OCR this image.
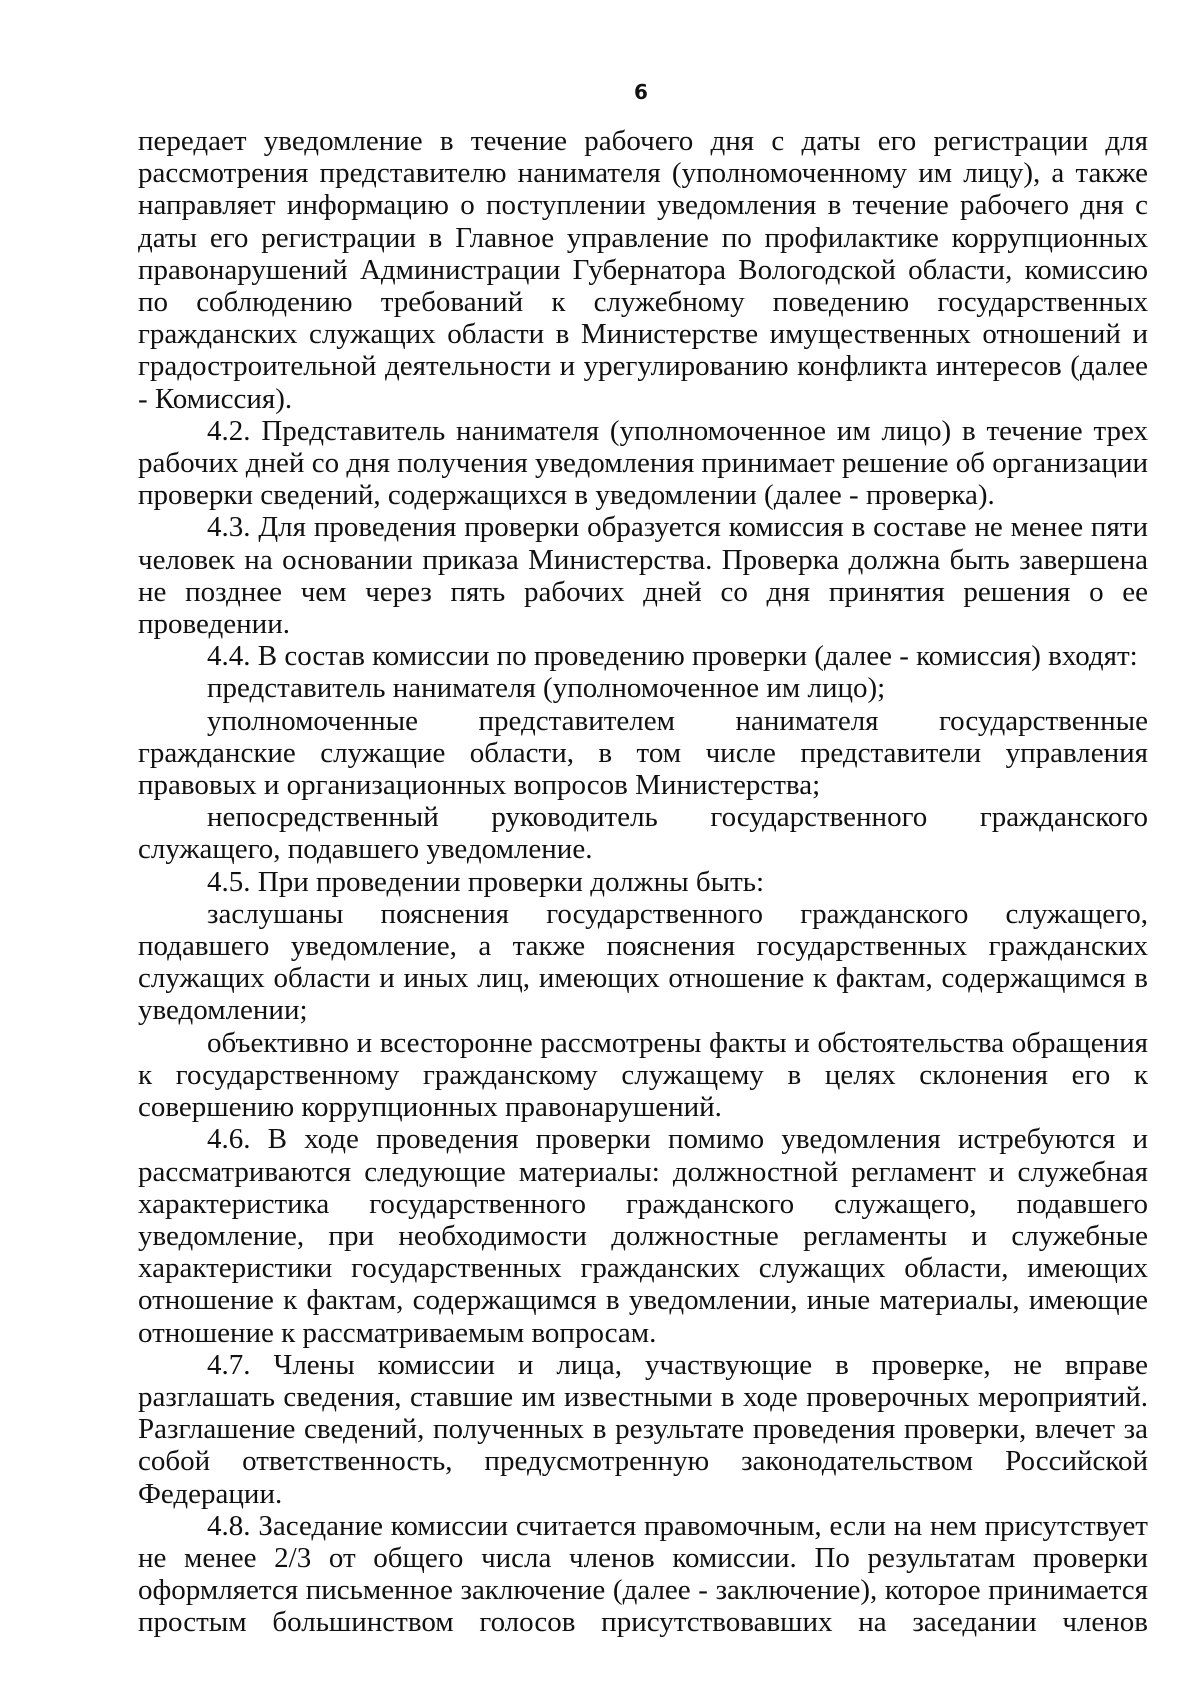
6

передает уведомление в течение рабочего дня с даты его регистрации для рассмотрения представителю нанимателя (уполномоченному им лицу), а также направляет информацию о поступлении уведомления в течение рабочего дня с даты его регистрации в Главное управление по профилактике коррупционных правонарушений Администрации Губернатора Вологодской области, комиссию по соблюдению требований к служебному поведению государственных гражданских служащих области в Министерстве имущественных отношений и градостроительной деятельности и урегулированию конфликта интересов (далее - Комиссия).

4.2. Представитель нанимателя (уполномоченное им лицо) в течение трех рабочих дней со дня получения уведомления принимает решение об организации проверки сведений, содержащихся в уведомлении (далее - проверка).

4.3. Для проведения проверки образуется комиссия в составе не менее пяти человек на основании приказа Министерства. Проверка должна быть завершена не позднее чем через пять рабочих дней со дня принятия решения о ее проведении.

4.4. В состав комиссии по проведению проверки (далее - комиссия) входят:

представитель нанимателя (уполномоченное им лицо);

уполномоченные представителем нанимателя государственные гражданские служащие области, в том числе представители управления правовых и организационных вопросов Министерства;

непосредственный руководитель государственного гражданского служащего, подавшего уведомление.

4.5. При проведении проверки должны быть:

заслушаны пояснения государственного гражданского служащего, подавшего уведомление, а также пояснения государственных гражданских служащих области и иных лиц, имеющих отношение к фактам, содержащимся в уведомлении;

объективно и всесторонне рассмотрены факты и обстоятельства обращения к государственному гражданскому служащему в целях склонения его к совершению коррупционных правонарушений.

4.6. В ходе проведения проверки помимо уведомления истребуются и рассматриваются следующие материалы: должностной регламент и служебная характеристика государственного гражданского служащего, подавшего уведомление, при необходимости должностные регламенты и служебные характеристики государственных гражданских служащих области, имеющих отношение к фактам, содержащимся в уведомлении, иные материалы, имеющие отношение к рассматриваемым вопросам.

4.7. Члены комиссии и лица, участвующие в проверке, не вправе разглашать сведения, ставшие им известными в ходе проверочных мероприятий. Разглашение сведений, полученных в результате проведения проверки, влечет за собой ответственность, предусмотренную законодательством Российской Федерации.

4.8. Заседание комиссии считается правомочным, если на нем присутствует не менее 2/3 от общего числа членов комиссии. По результатам проверки оформляется письменное заключение (далее - заключение), которое принимается простым большинством голосов присутствовавших на заседании членов
